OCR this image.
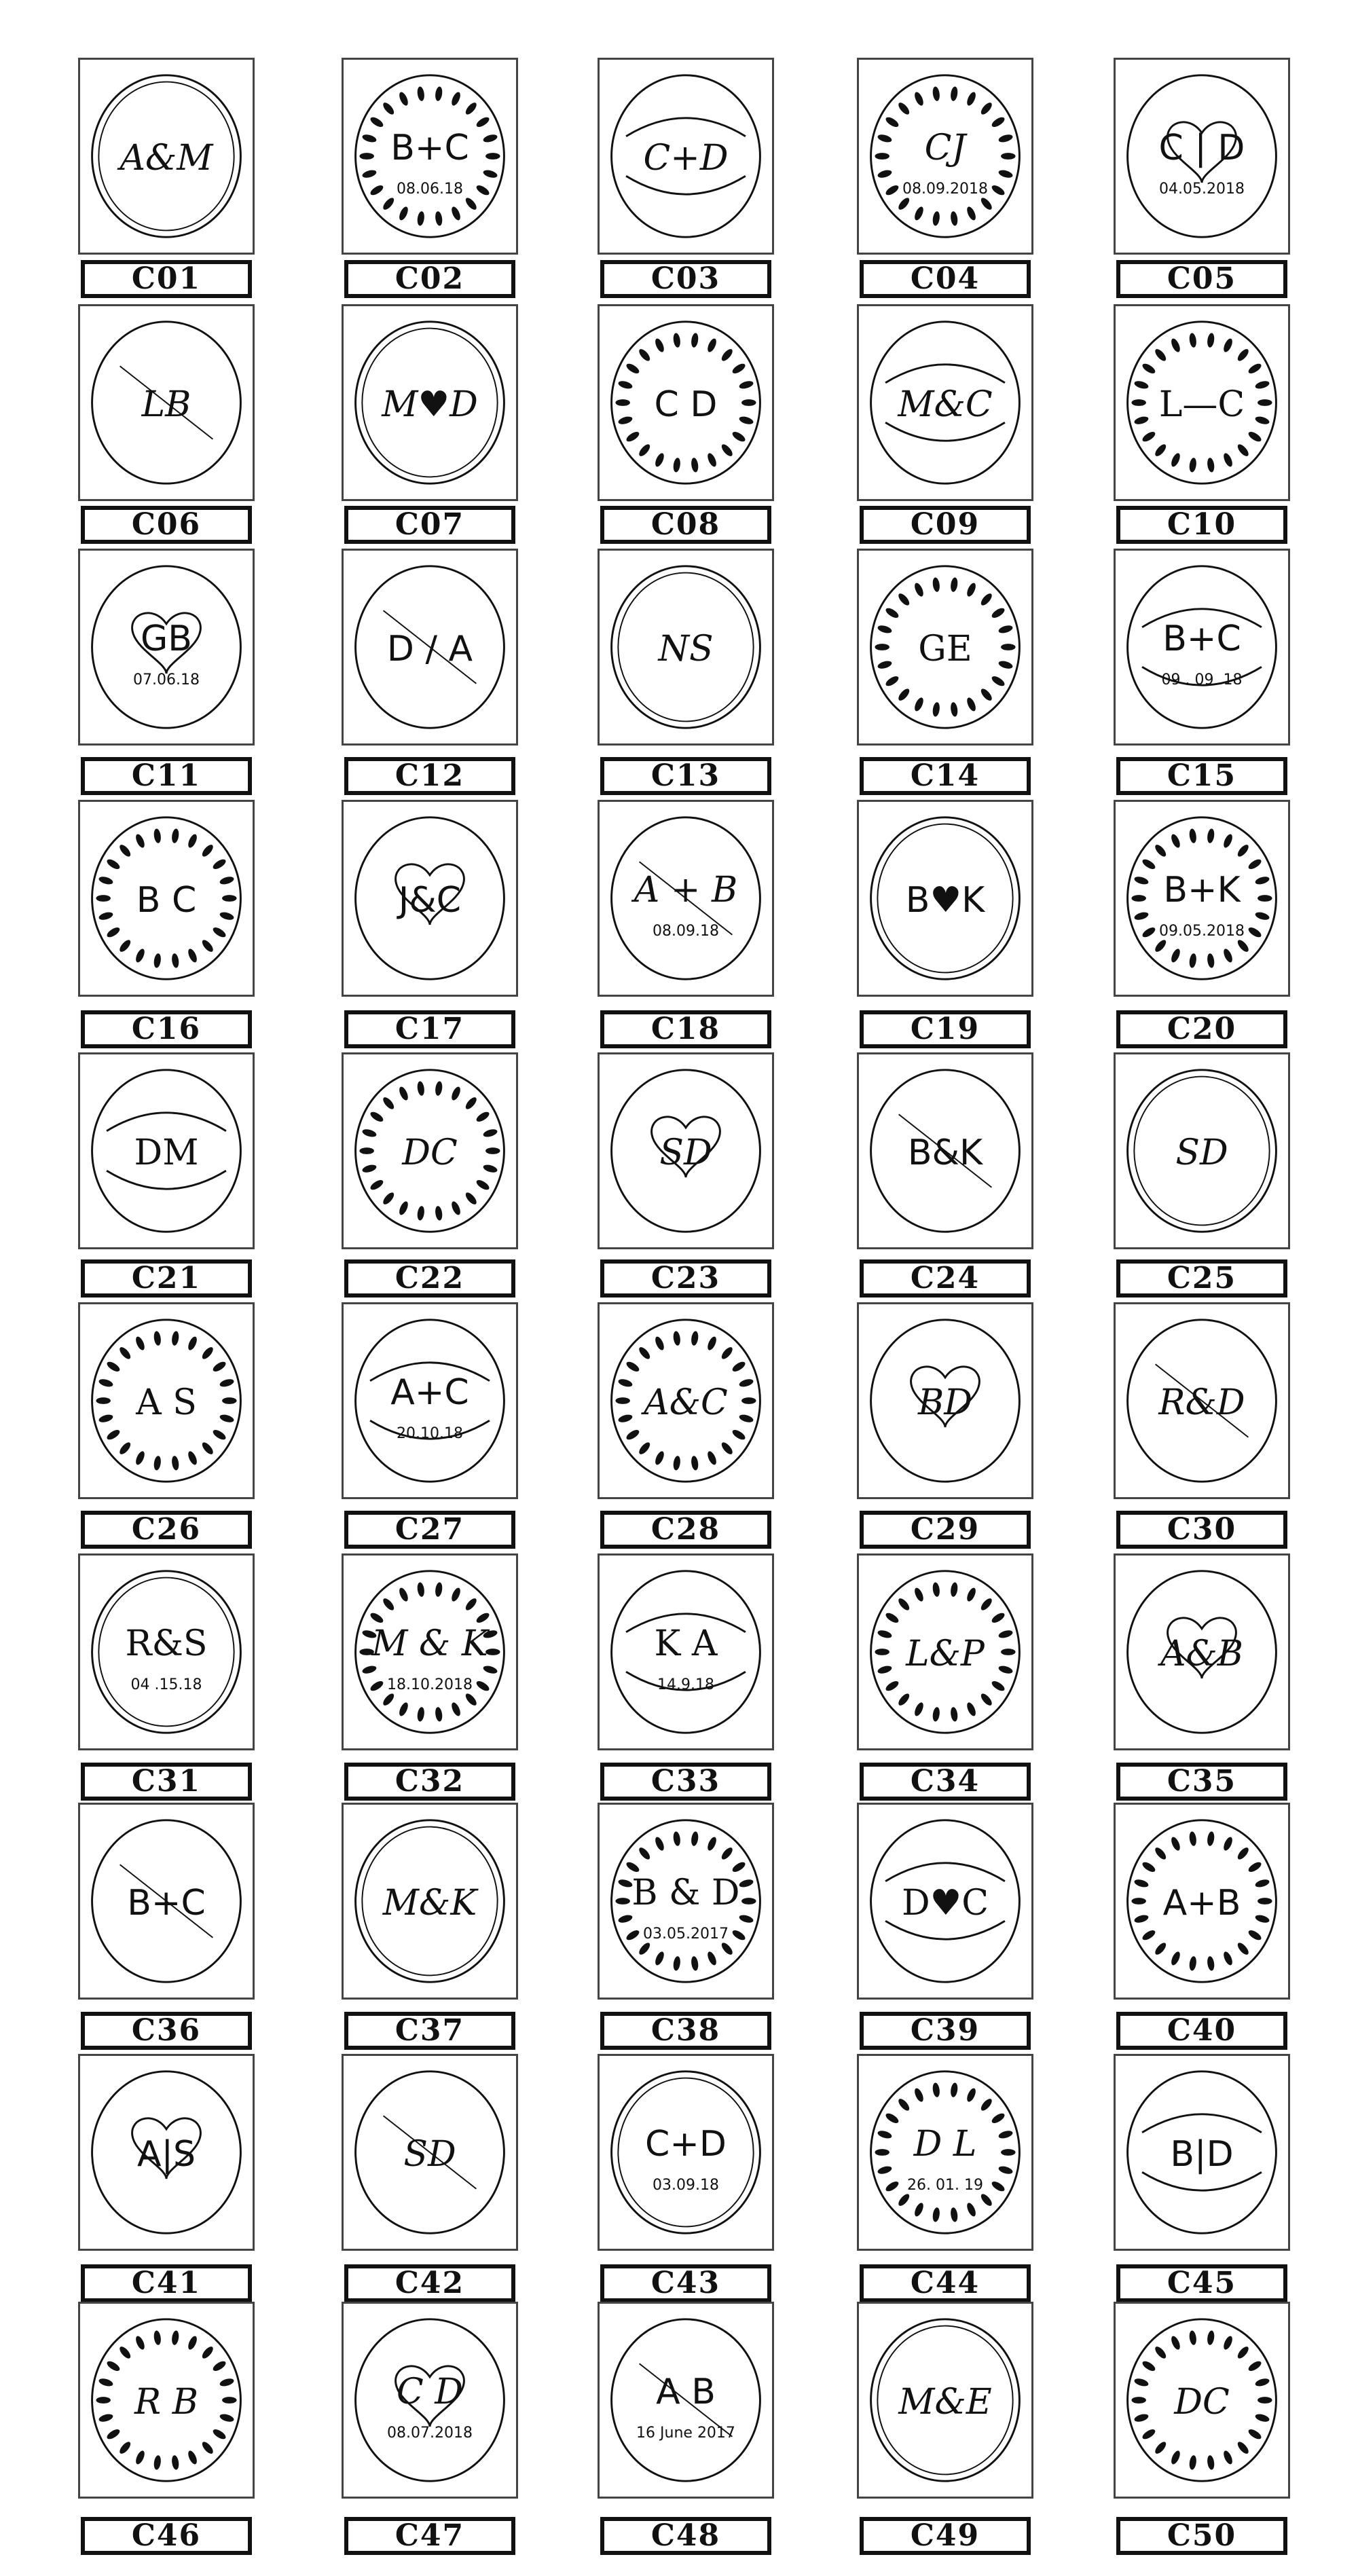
A&M
C01
B+C
08.06.18
C02
C+D
C03
CJ
08.09.2018
C04
C | D
04.05.2018
C05
LB
C06
M♥D
C07
C D
C08
M&C
C09
L—C
C10
GB
07.06.18
C11
D / A
C12
NS
C13
GE
C14
B+C
09 . 09 .18
C15
B C
C16
J&C
C17
A + B
08.09.18
C18
B♥K
C19
B+K
09.05.2018
C20
DM
C21
DC
C22
SD
C23
B&K
C24
SD
C25
A S
C26
A+C
20.10.18
C27
A&C
C28
BD
C29
R&D
C30
R&S
04 .15.18
C31
M & K
18.10.2018
C32
K A
14.9.18
C33
L&P
C34
A&B
C35
B+C
C36
M&K
C37
B & D
03.05.2017
C38
D♥C
C39
A+B
C40
A|S
C41
SD
C42
C+D
03.09.18
C43
D L
26. 01. 19
C44
B|D
C45
R B
C46
C D
08.07.2018
C47
A B
16 June 2017
C48
M&E
C49
DC
C50
